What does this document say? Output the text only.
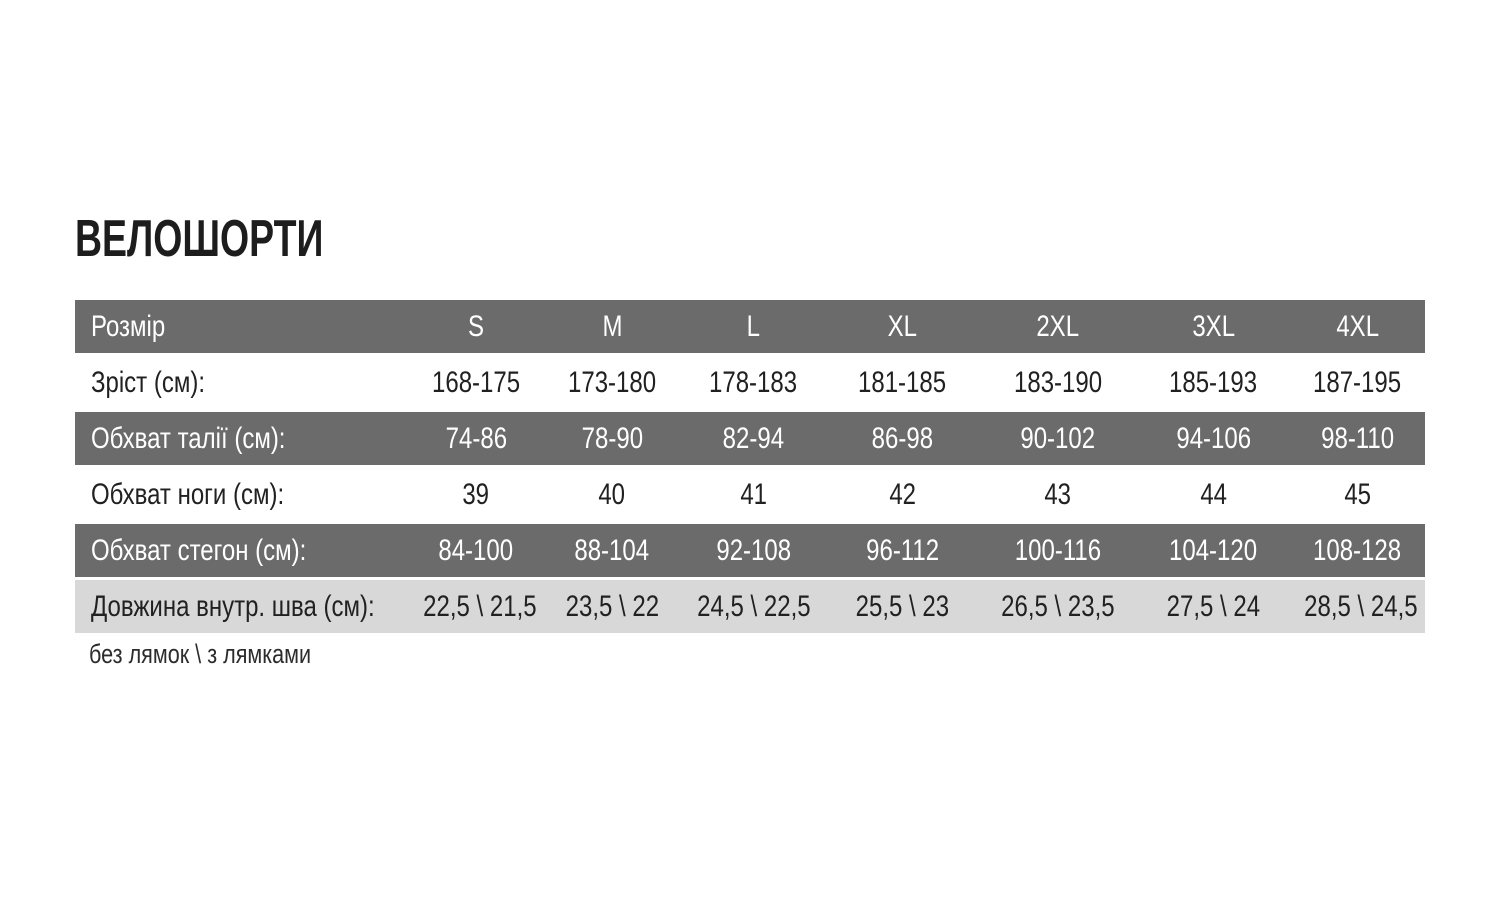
ВЕЛОШОРТИ
Розмір	S	M	L	XL	2XL	3XL	4XL
Зріст (см):	168-175	173-180	178-183	181-185	183-190	185-193	187-195
Обхват талії (см):	74-86	78-90	82-94	86-98	90-102	94-106	98-110
Обхват ноги (см):	39	40	41	42	43	44	45
Обхват стегон (см):	84-100	88-104	92-108	96-112	100-116	104-120	108-128
Довжина внутр. шва (см):	22,5 \ 21,5	23,5 \ 22	24,5 \ 22,5	25,5 \ 23	26,5 \ 23,5	27,5 \ 24	28,5 \ 24,5
без лямок \ з лямками
